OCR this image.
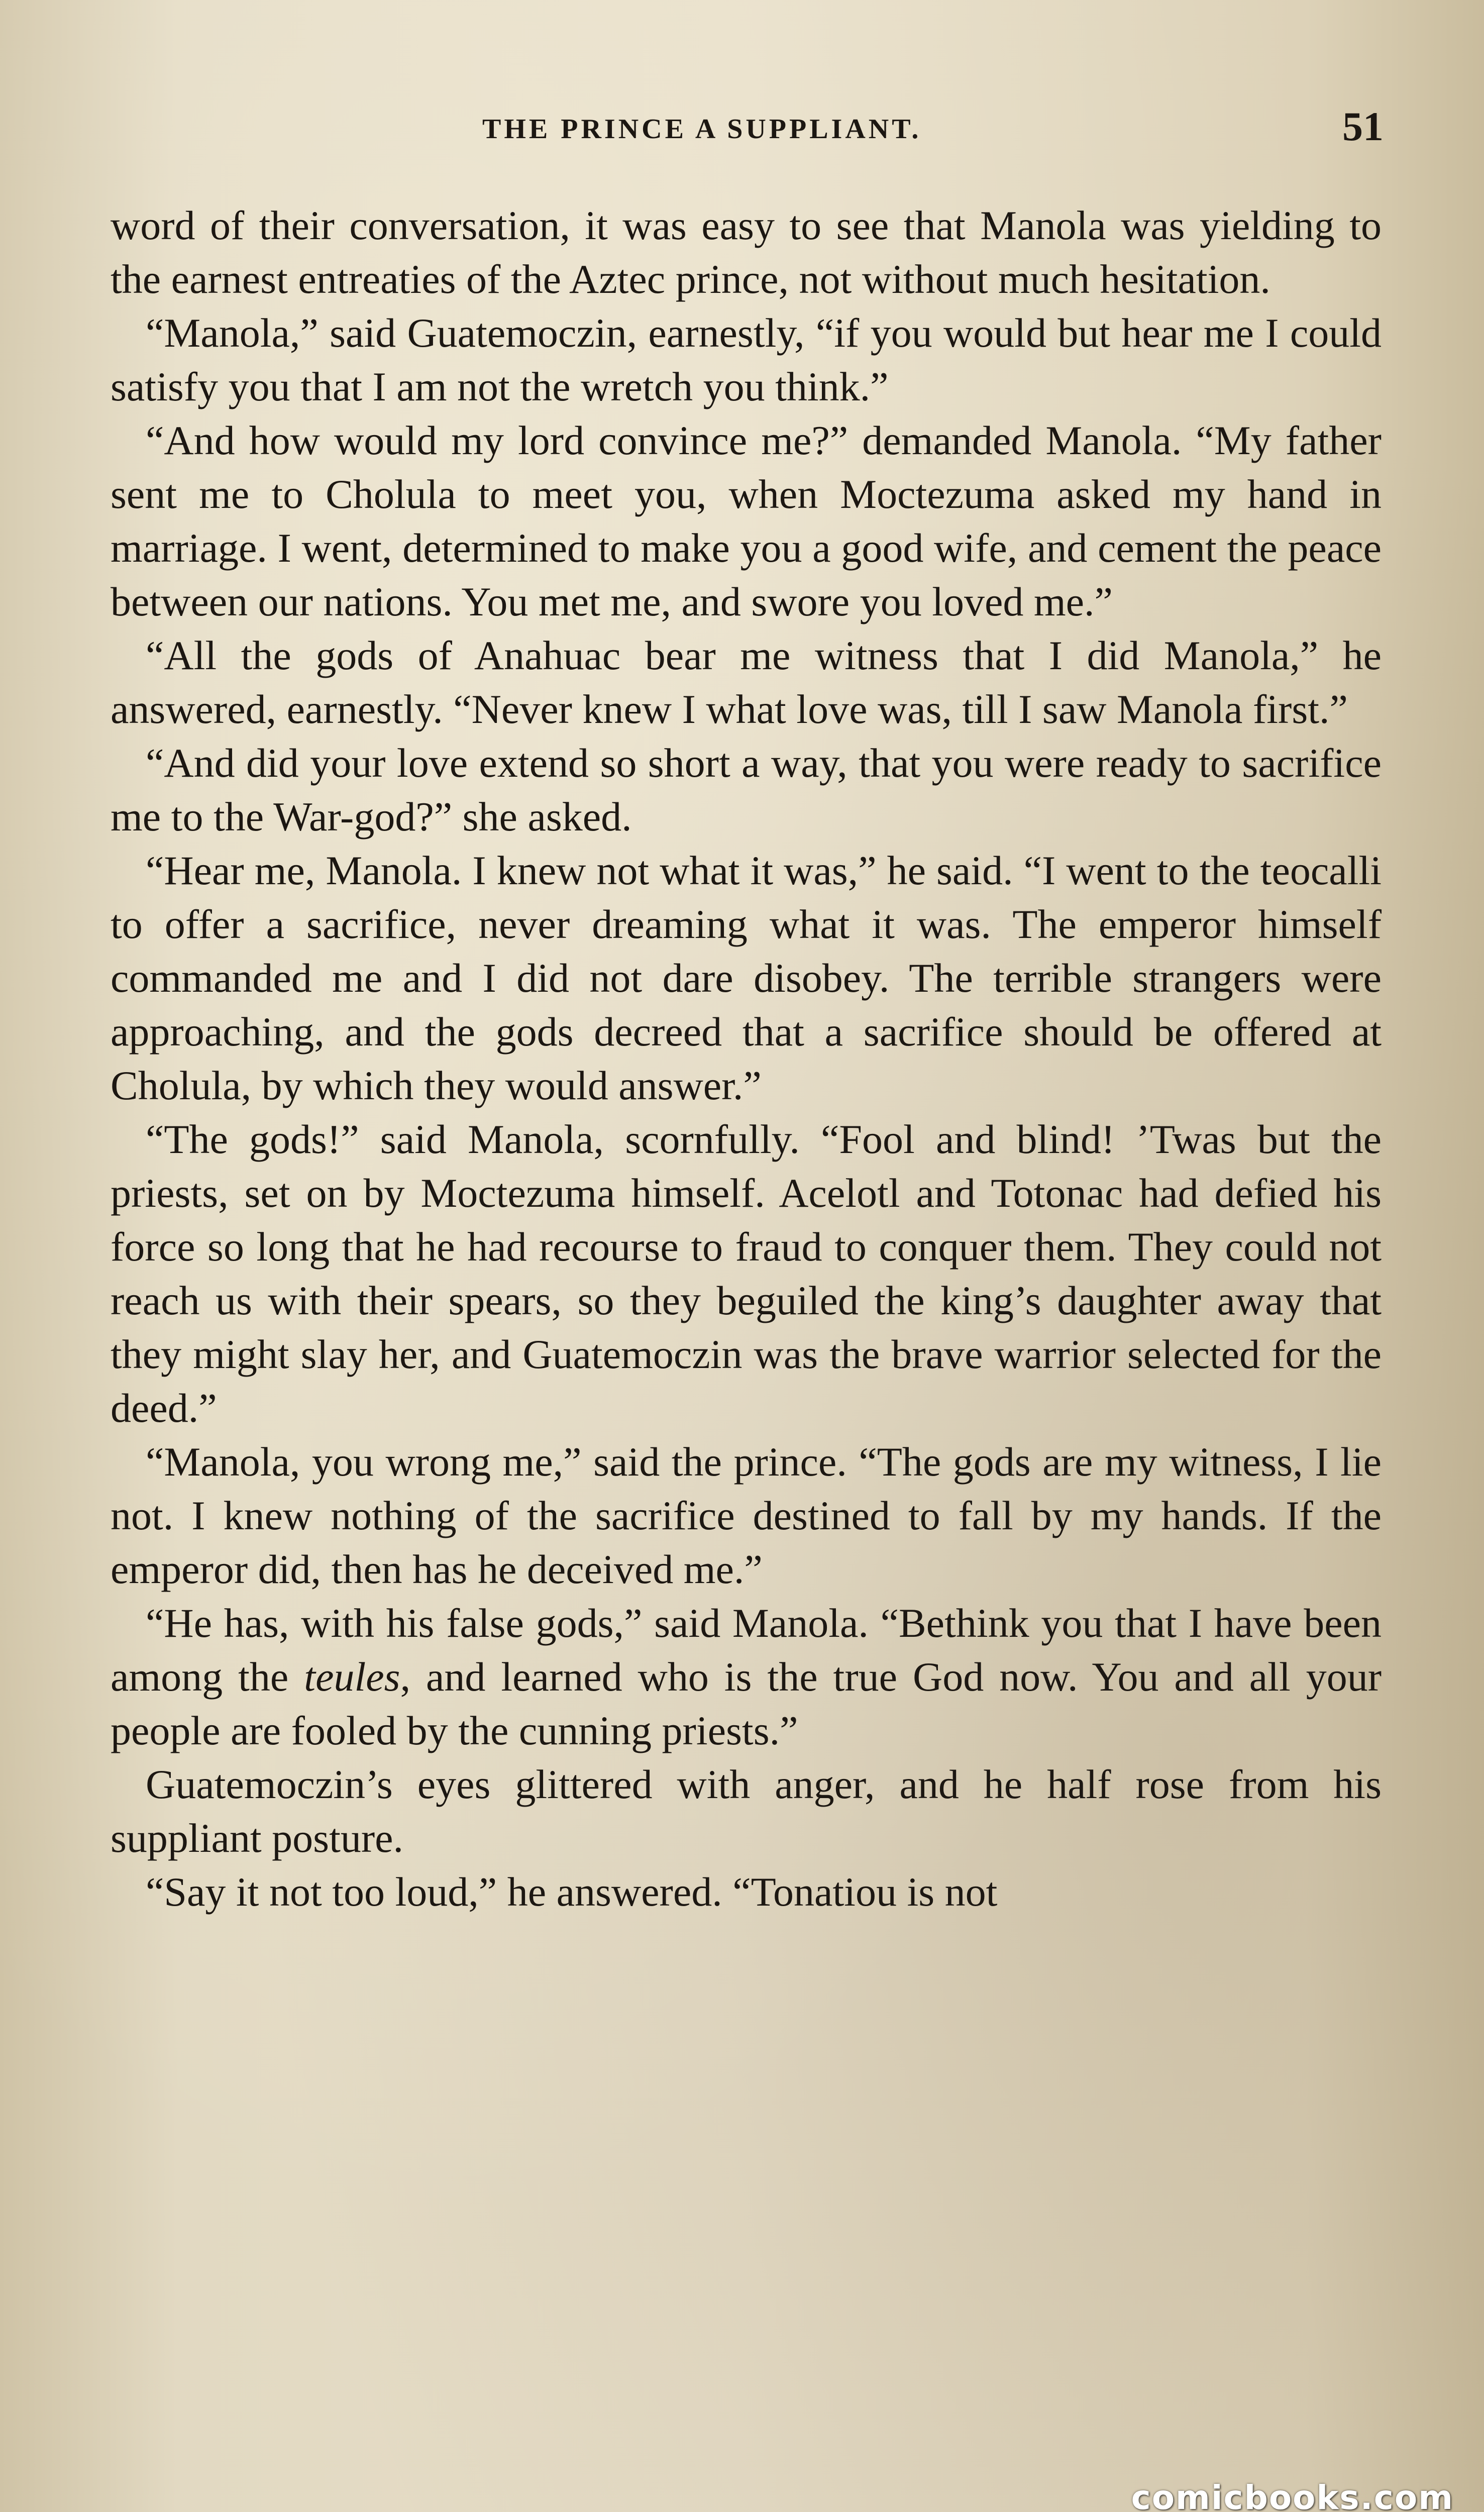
THE PRINCE A SUPPLIANT.	51

word of their conversation, it was easy to see that Manola was yielding to the earnest entreaties of the Aztec prince, not without much hesitation.

“Manola,” said Guatemoczin, earnestly, “if you would but hear me I could satisfy you that I am not the wretch you think.”

“And how would my lord convince me?” demanded Manola. “My father sent me to Cholula to meet you, when Moctezuma asked my hand in marriage. I went, determined to make you a good wife, and cement the peace between our nations. You met me, and swore you loved me.”

“All the gods of Anahuac bear me witness that I did Manola,” he answered, earnestly. “Never knew I what love was, till I saw Manola first.”

“And did your love extend so short a way, that you were ready to sacrifice me to the War-god?” she asked.

“Hear me, Manola. I knew not what it was,” he said. “I went to the teocalli to offer a sacrifice, never dreaming what it was. The emperor himself commanded me and I did not dare disobey. The terrible strangers were approaching, and the gods decreed that a sacrifice should be offered at Cholula, by which they would answer.”

“The gods!” said Manola, scornfully. “Fool and blind! ’Twas but the priests, set on by Moctezuma himself. Acelotl and Totonac had defied his force so long that he had recourse to fraud to conquer them. They could not reach us with their spears, so they beguiled the king’s daughter away that they might slay her, and Guatemoczin was the brave warrior selected for the deed.”

“Manola, you wrong me,” said the prince. “The gods are my witness, I lie not. I knew nothing of the sacrifice destined to fall by my hands. If the emperor did, then has he deceived me.”

“He has, with his false gods,” said Manola. “Bethink you that I have been among the teules, and learned who is the true God now. You and all your people are fooled by the cunning priests.”

Guatemoczin’s eyes glittered with anger, and he half rose from his suppliant posture.

“Say it not too loud,” he answered. “Tonatiou is not

comicbooks.com
